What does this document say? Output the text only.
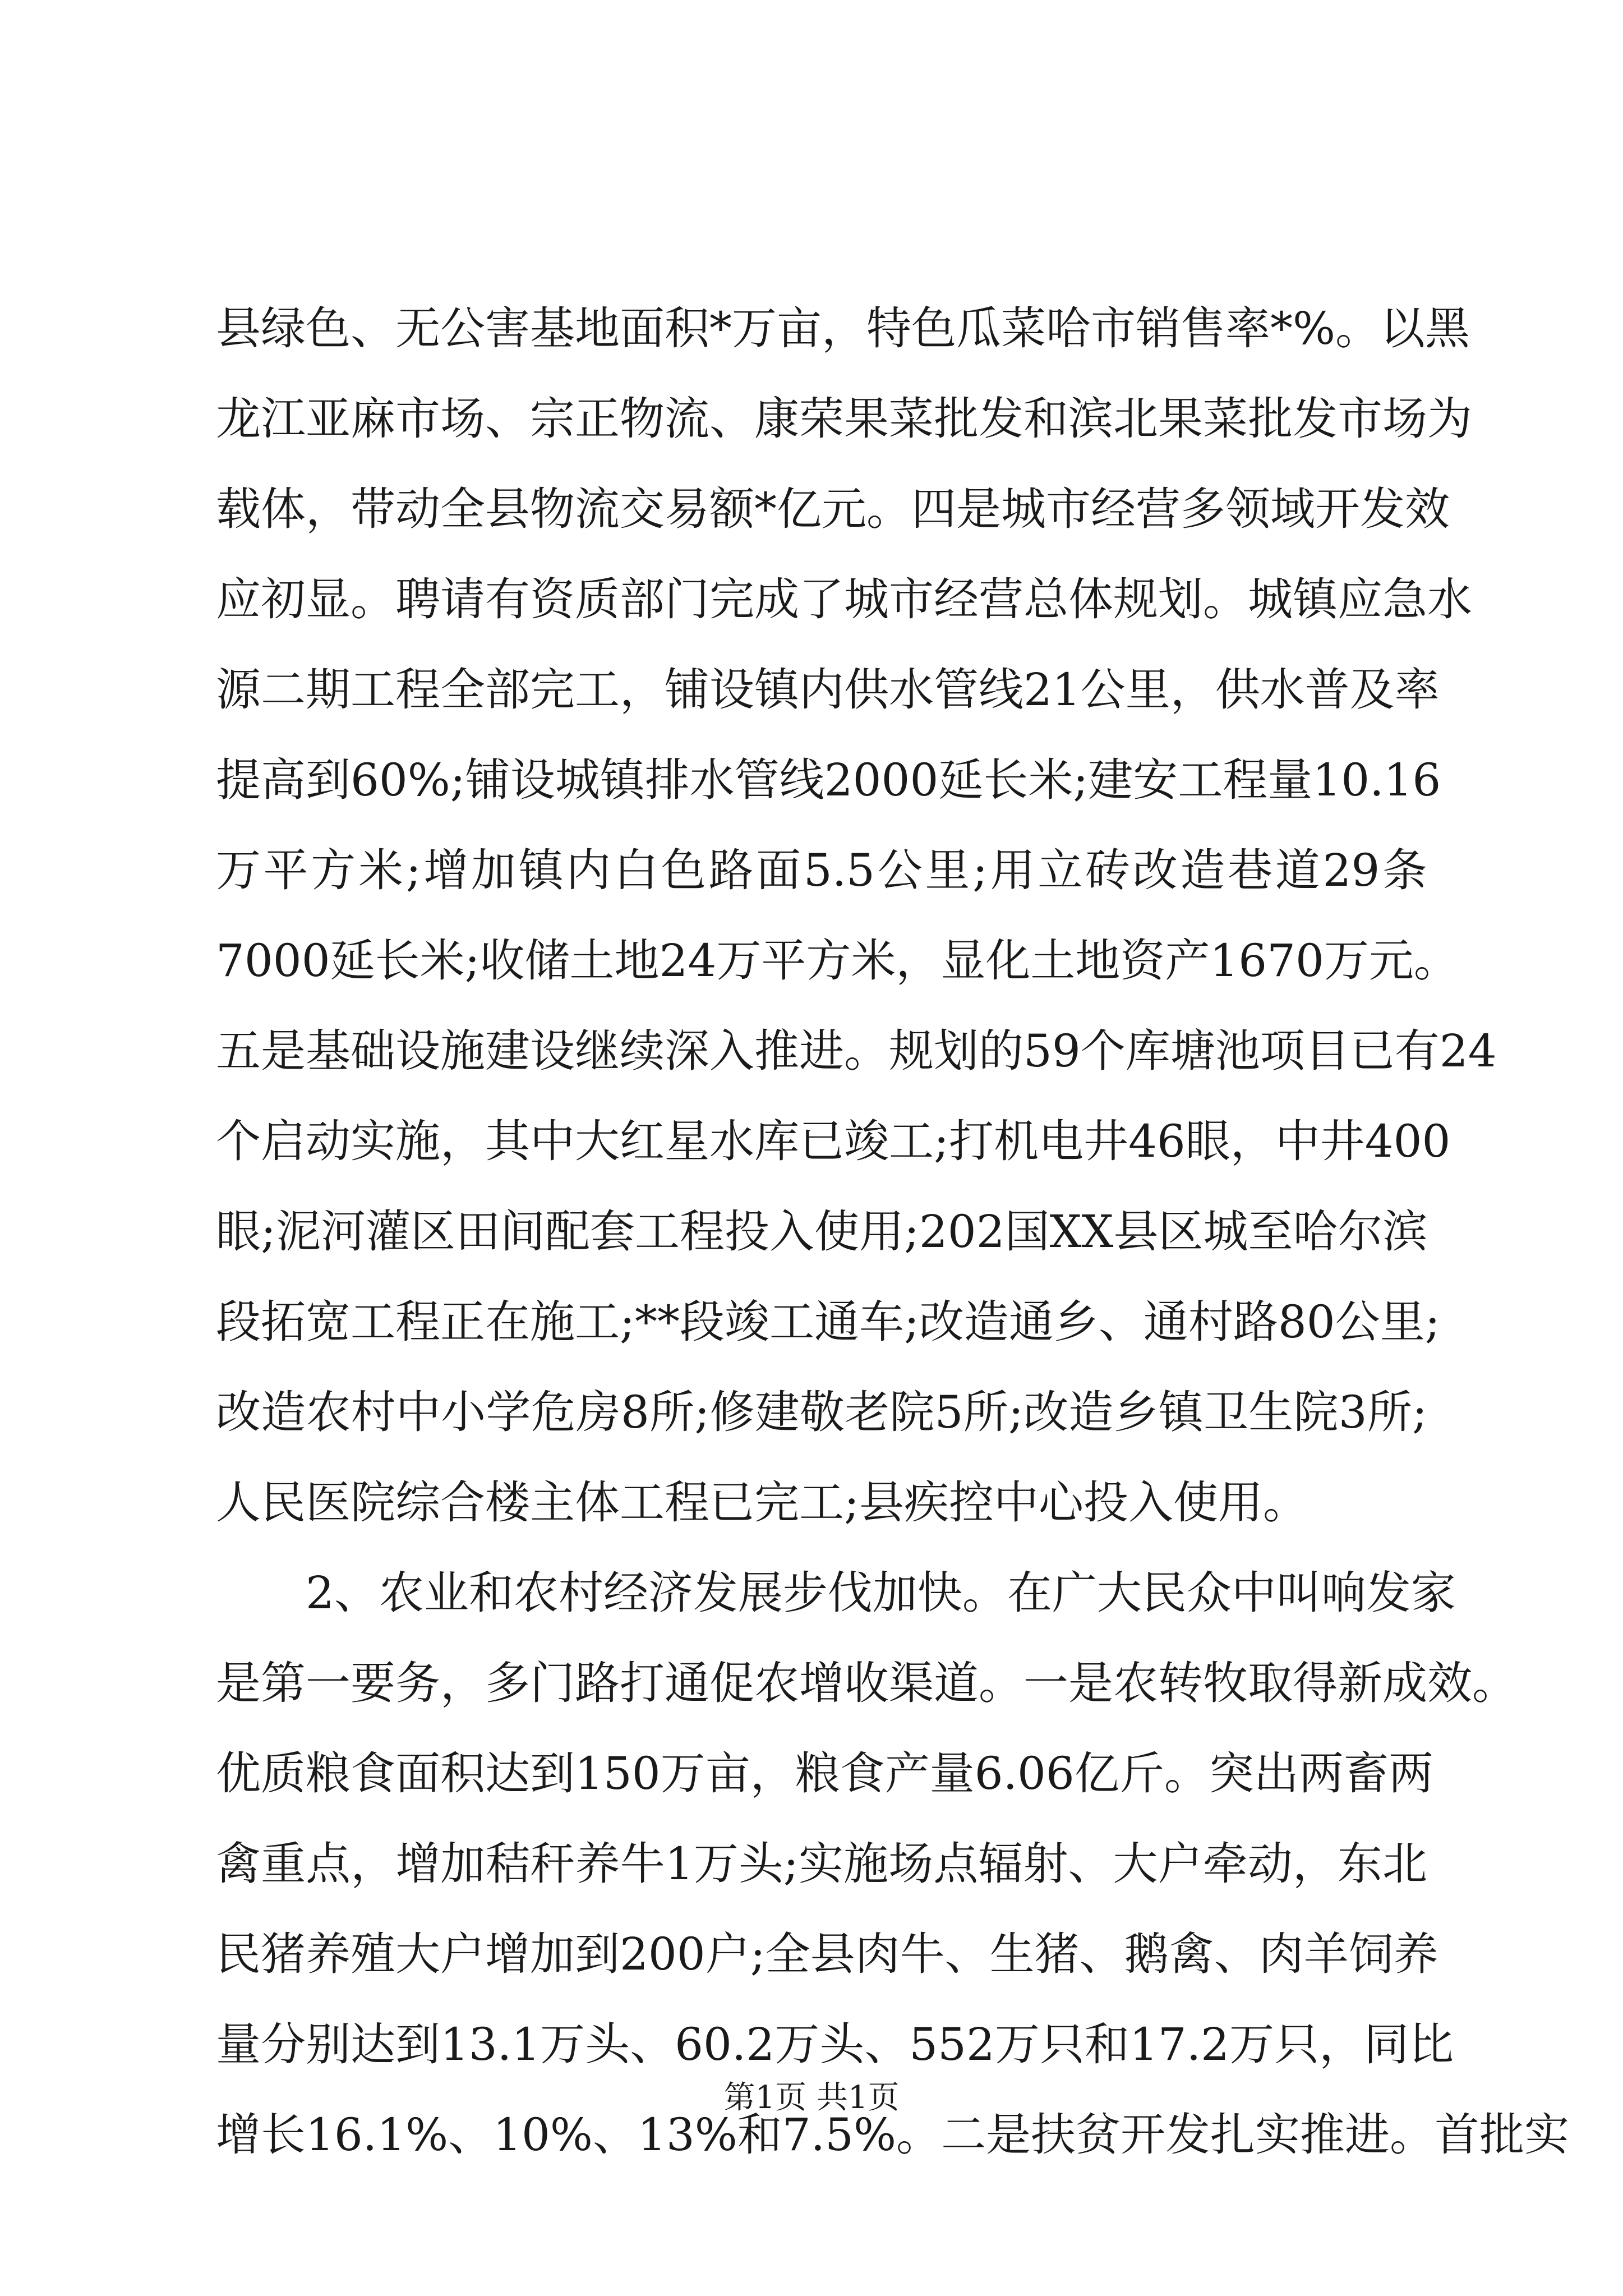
县绿色、无公害基地面积*万亩，特色瓜菜哈市销售率*%。以黑
龙江亚麻市场、宗正物流、康荣果菜批发和滨北果菜批发市场为
载体，带动全县物流交易额*亿元。四是城市经营多领域开发效
应初显。聘请有资质部门完成了城市经营总体规划。城镇应急水
源二期工程全部完工，铺设镇内供水管线21公里，供水普及率
提高到60%;铺设城镇排水管线2000延长米;建安工程量10.16
万平方米;增加镇内白色路面5.5公里;用立砖改造巷道29条
7000延长米;收储土地24万平方米，显化土地资产1670万元。
五是基础设施建设继续深入推进。规划的59个库塘池项目已有24
个启动实施，其中大红星水库已竣工;打机电井46眼，中井400
眼;泥河灌区田间配套工程投入使用;202国XX县区城至哈尔滨
段拓宽工程正在施工;**段竣工通车;改造通乡、通村路80公里;
改造农村中小学危房8所;修建敬老院5所;改造乡镇卫生院3所;
人民医院综合楼主体工程已完工;县疾控中心投入使用。
　　2、农业和农村经济发展步伐加快。在广大民众中叫响发家
是第一要务，多门路打通促农增收渠道。一是农转牧取得新成效。
优质粮食面积达到150万亩，粮食产量6.06亿斤。突出两畜两
禽重点，增加秸秆养牛1万头;实施场点辐射、大户牵动，东北
民猪养殖大户增加到200户;全县肉牛、生猪、鹅禽、肉羊饲养
量分别达到13.1万头、60.2万头、552万只和17.2万只，同比
增长16.1%、10%、13%和7.5%。二是扶贫开发扎实推进。首批实
第1页 共1页
